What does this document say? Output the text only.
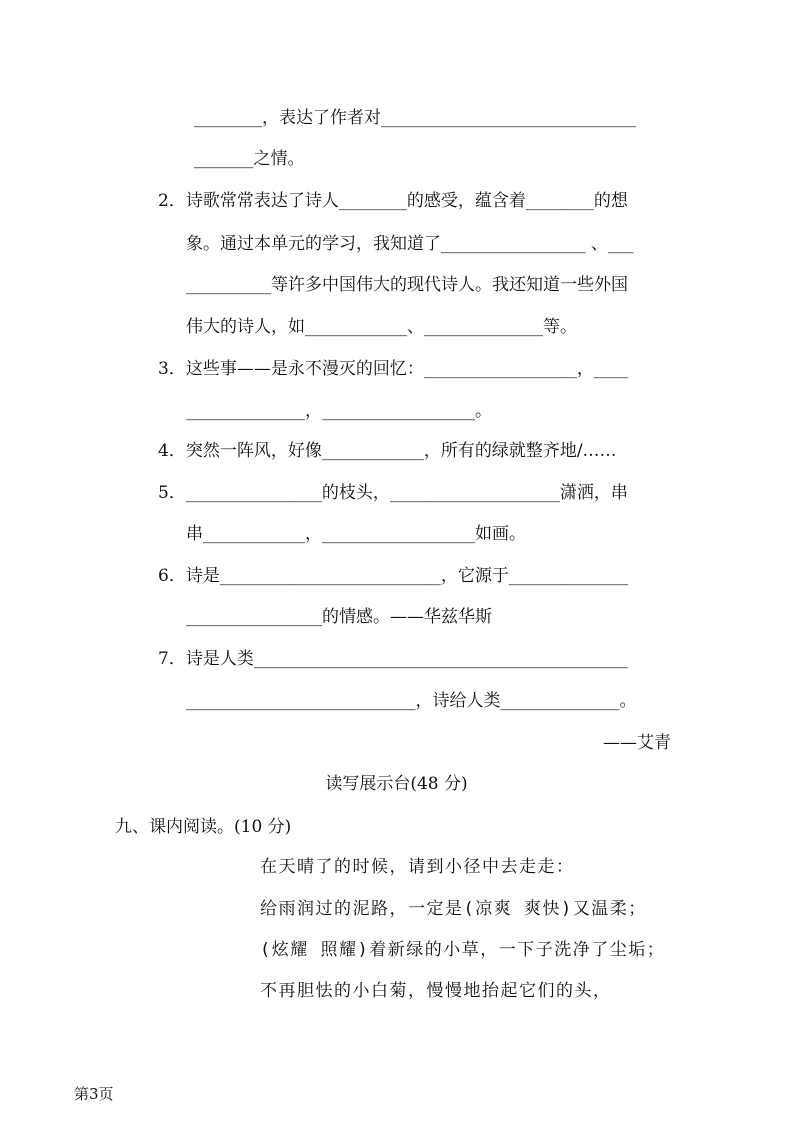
________，表达了作者对______________________________
_______之情。
2．诗歌常常表达了诗人________的感受，蕴含着________的想
象。通过本单元的学习，我知道了_________________ 、___
__________等许多中国伟大的现代诗人。我还知道一些外国
伟大的诗人，如____________、______________等。
3．这些事——是永不漫灭的回忆：__________________，____
______________，__________________。
4．突然一阵风，好像____________，所有的绿就整齐地/……
5．________________的枝头，____________________潇洒，串
串____________，__________________如画。
6．诗是__________________________，它源于______________
________________的情感。——华兹华斯
7．诗是人类____________________________________________
___________________________，诗给人类______________。
——艾青
读写展示台(48 分)
九、课内阅读。(10 分)
在天晴了的时候，请到小径中去走走：
给雨润过的泥路，一定是(凉爽 爽快)又温柔；
(炫耀 照耀)着新绿的小草，一下子洗净了尘垢；
不再胆怯的小白菊，慢慢地抬起它们的头，
第3页
